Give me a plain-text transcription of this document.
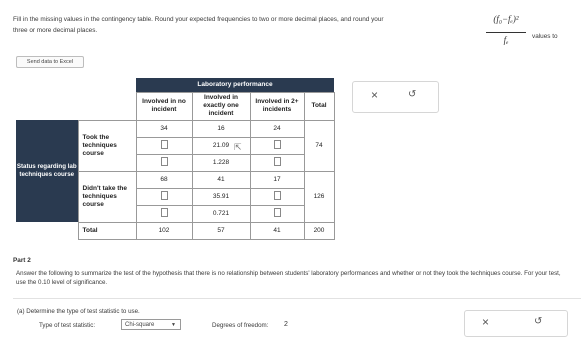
Fill in the missing values in the contingency table. Round your expected frequencies to two or more decimal places, and round your
three or more decimal places.
(f₀−fₑ)²
fₑ	values to
Send data to Excel
		Laboratory performance			
		Involved in no incident	Involved in exactly one incident	Involved in 2+ incidents	Total
Status regarding lab techniques course	Took the techniques course	34	16	24	74
			21.09		
			1.228		
	Didn't take the techniques course	68	41	17	126
			35.91		
			0.721		
	Total	102	57	41	200
⇱
×	↺
Part 2
Answer the following to summarize the test of the hypothesis that there is no relationship between students' laboratory performances and whether or not they took the techniques course. For your test, use the 0.10 level of significance.
(a) Determine the type of test statistic to use.
Type of test statistic:	Chi-square	▼	Degrees of freedom: 2	×	↺
